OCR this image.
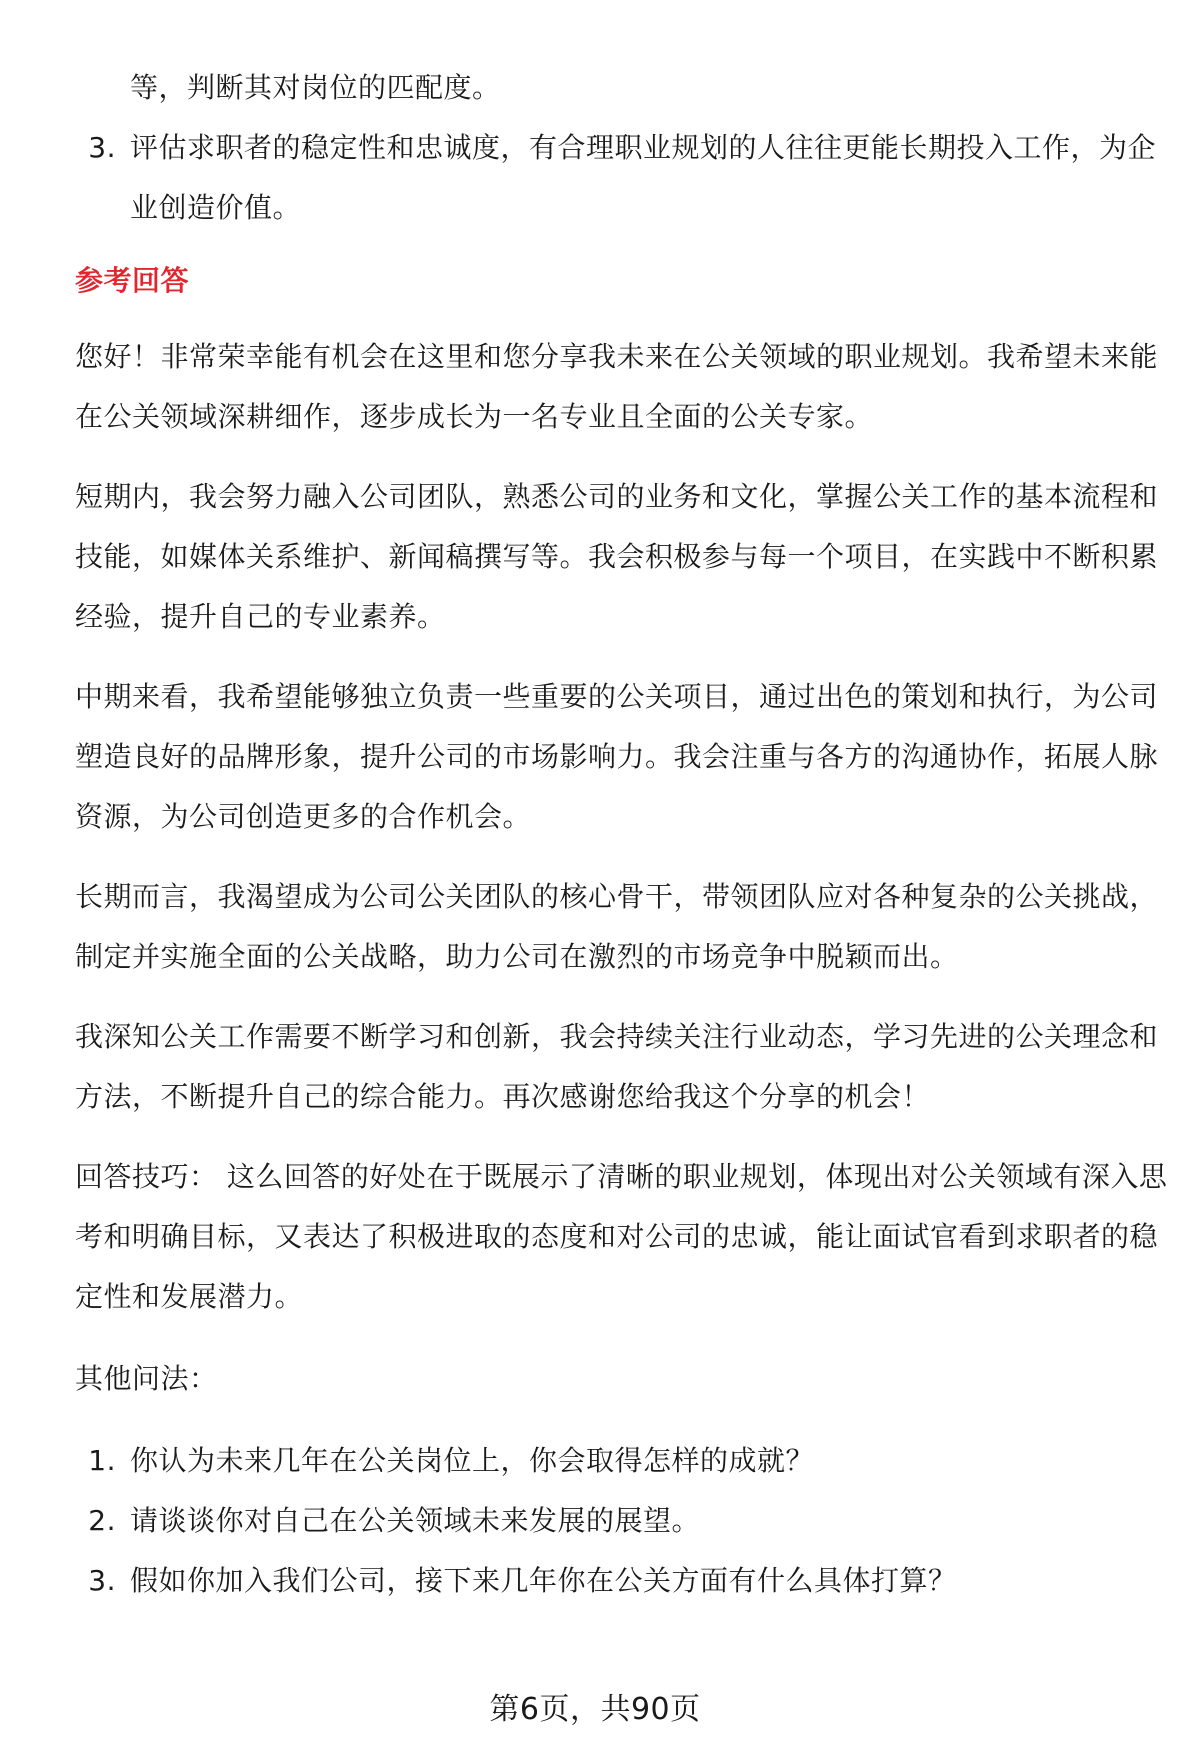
等，判断其对岗位的匹配度。
3. 评估求职者的稳定性和忠诚度，有合理职业规划的人往往更能长期投入工作，为企业创造价值。
参考回答

您好！非常荣幸能有机会在这里和您分享我未来在公关领域的职业规划。我希望未来能在公关领域深耕细作，逐步成长为一名专业且全面的公关专家。

短期内，我会努力融入公司团队，熟悉公司的业务和文化，掌握公关工作的基本流程和技能，如媒体关系维护、新闻稿撰写等。我会积极参与每一个项目，在实践中不断积累经验，提升自己的专业素养。

中期来看，我希望能够独立负责一些重要的公关项目，通过出色的策划和执行，为公司塑造良好的品牌形象，提升公司的市场影响力。我会注重与各方的沟通协作，拓展人脉资源，为公司创造更多的合作机会。

长期而言，我渴望成为公司公关团队的核心骨干，带领团队应对各种复杂的公关挑战，制定并实施全面的公关战略，助力公司在激烈的市场竞争中脱颖而出。

我深知公关工作需要不断学习和创新，我会持续关注行业动态，学习先进的公关理念和方法，不断提升自己的综合能力。再次感谢您给我这个分享的机会！

回答技巧： 这么回答的好处在于既展示了清晰的职业规划，体现出对公关领域有深入思考和明确目标，又表达了积极进取的态度和对公司的忠诚，能让面试官看到求职者的稳定性和发展潜力。

其他问法：

1. 你认为未来几年在公关岗位上，你会取得怎样的成就？
2. 请谈谈你对自己在公关领域未来发展的展望。
3. 假如你加入我们公司，接下来几年你在公关方面有什么具体打算？
第6页，共90页
